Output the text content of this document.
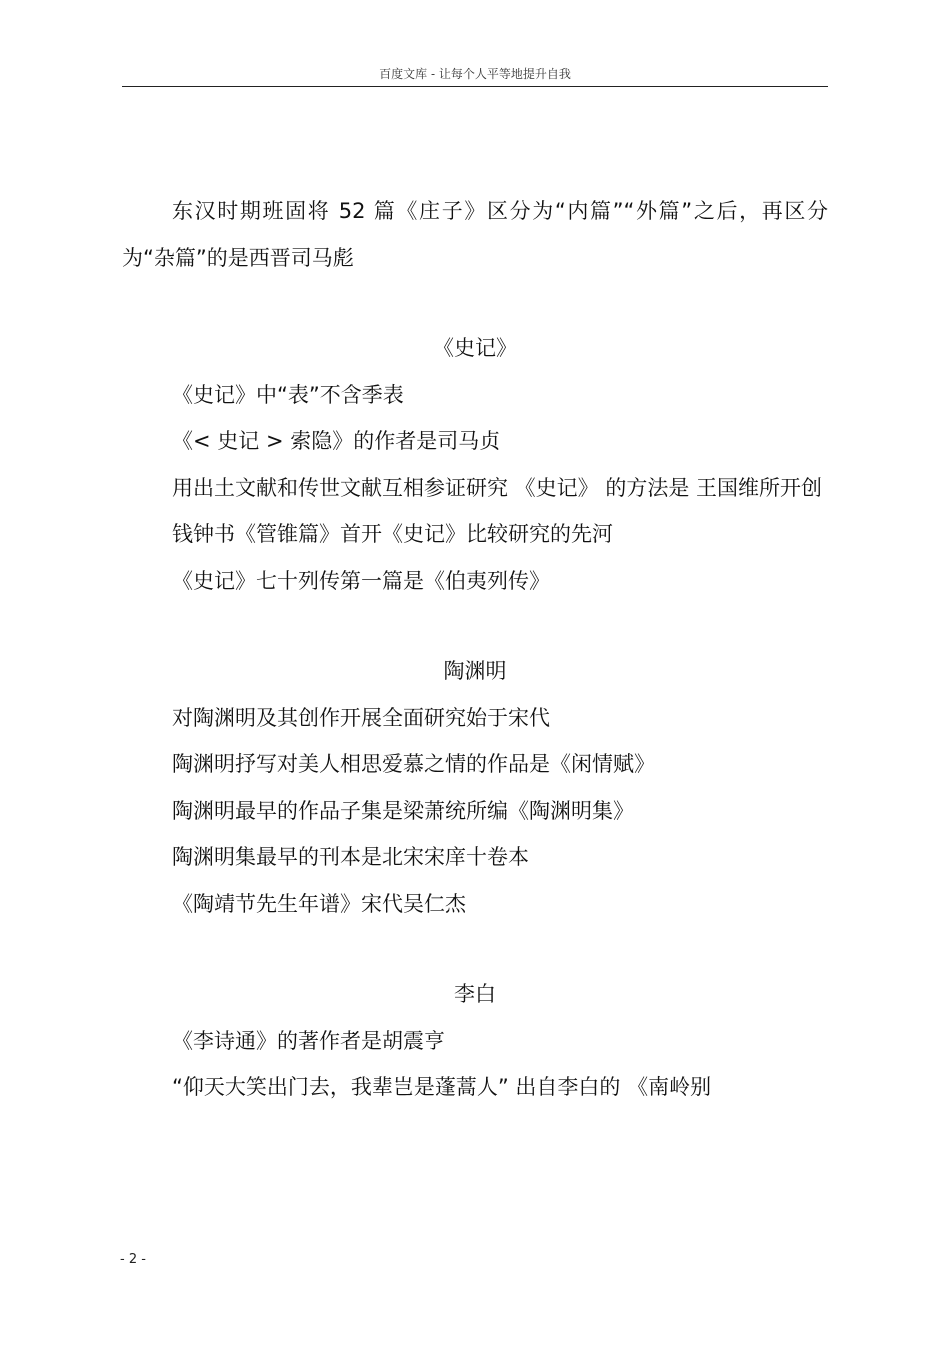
百度文库 - 让每个人平等地提升自我

东汉时期班固将 52 篇《庄子》区分为“内篇”“外篇”之后，再区分为“杂篇”的是西晋司马彪

《史记》

《史记》中“表”不含季表

《< 史记 > 索隐》的作者是司马贞

用出土文献和传世文献互相参证研究 《史记》 的方法是 王国维所开创

钱钟书《管锥篇》首开《史记》比较研究的先河

《史记》七十列传第一篇是《伯夷列传》

陶渊明

对陶渊明及其创作开展全面研究始于宋代

陶渊明抒写对美人相思爱慕之情的作品是《闲情赋》

陶渊明最早的作品子集是梁萧统所编《陶渊明集》

陶渊明集最早的刊本是北宋宋庠十卷本

《陶靖节先生年谱》宋代吴仁杰

李白

《李诗通》的著作者是胡震亨

“仰天大笑出门去，我辈岂是蓬蒿人” 出自李白的 《南岭别

- 2 -
